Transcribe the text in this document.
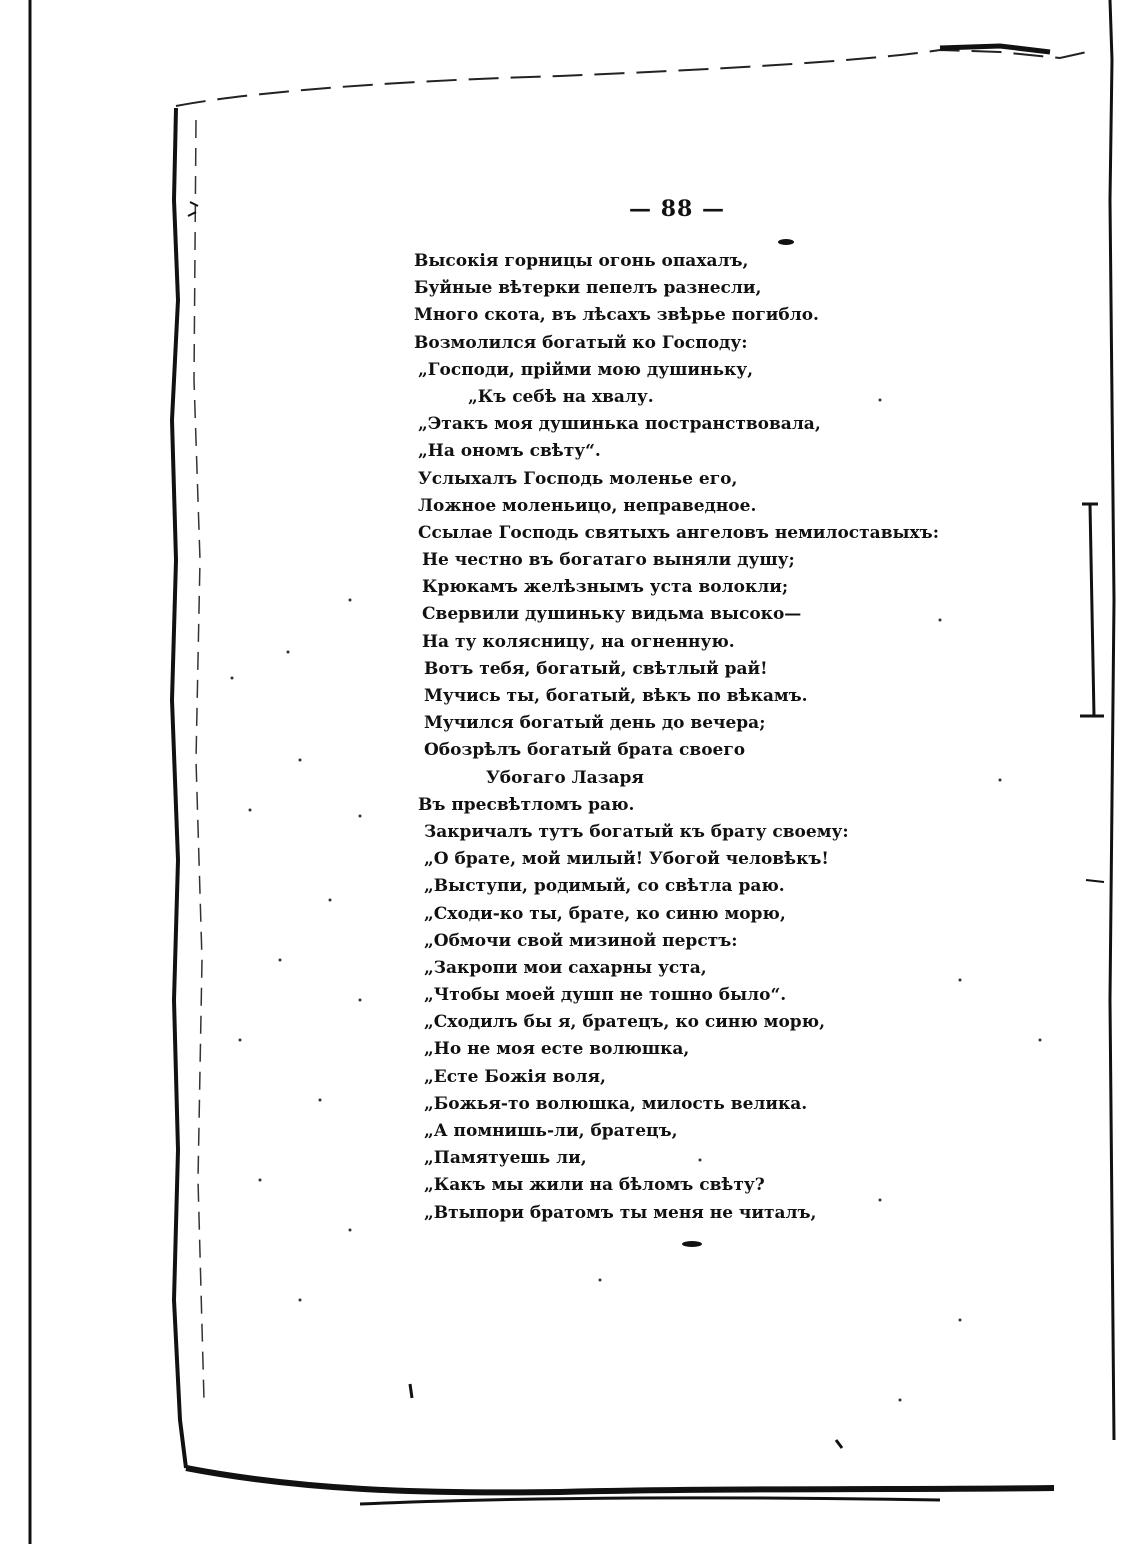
— 88 —
Высокія горницы огонь опахалъ,
Буйные вѣтерки пепелъ разнесли,
Много скота, въ лѣсахъ звѣрье погибло.
Возмолился богатый ко Господу:
„Господи, прійми мою душиньку,
„Къ себѣ на хвалу.
„Этакъ моя душинька постранствовала,
„На ономъ свѣту“.
Услыхалъ Господь моленье его,
Ложное моленьицо, неправедное.
Ссылае Господь святыхъ ангеловъ немилоставыхъ:
Не честно въ богатаго выняли душу;
Крюкамъ желѣзнымъ уста волокли;
Свервили душиньку видьма высоко—
На ту колясницу, на огненную.
Вотъ тебя, богатый, свѣтлый рай!
Мучись ты, богатый, вѣкъ по вѣкамъ.
Мучился богатый день до вечера;
Обозрѣлъ богатый брата своего
Убогаго Лазаря
Въ пресвѣтломъ раю.
Закричалъ тутъ богатый къ брату своему:
„О брате, мой милый! Убогой человѣкъ!
„Выступи, родимый, со свѣтла раю.
„Сходи-ко ты, брате, ко синю морю,
„Обмочи свой мизиной перстъ:
„Закропи мои сахарны уста,
„Чтобы моей душп не тошно было“.
„Сходилъ бы я, братецъ, ко синю морю,
„Но не моя есте волюшка,
„Есте Божія воля,
„Божья-то волюшка, милость велика.
„А помнишь-ли, братецъ,
„Памятуешь ли,
„Какъ мы жили на бѣломъ свѣту?
„Втыпори братомъ ты меня не читалъ,
